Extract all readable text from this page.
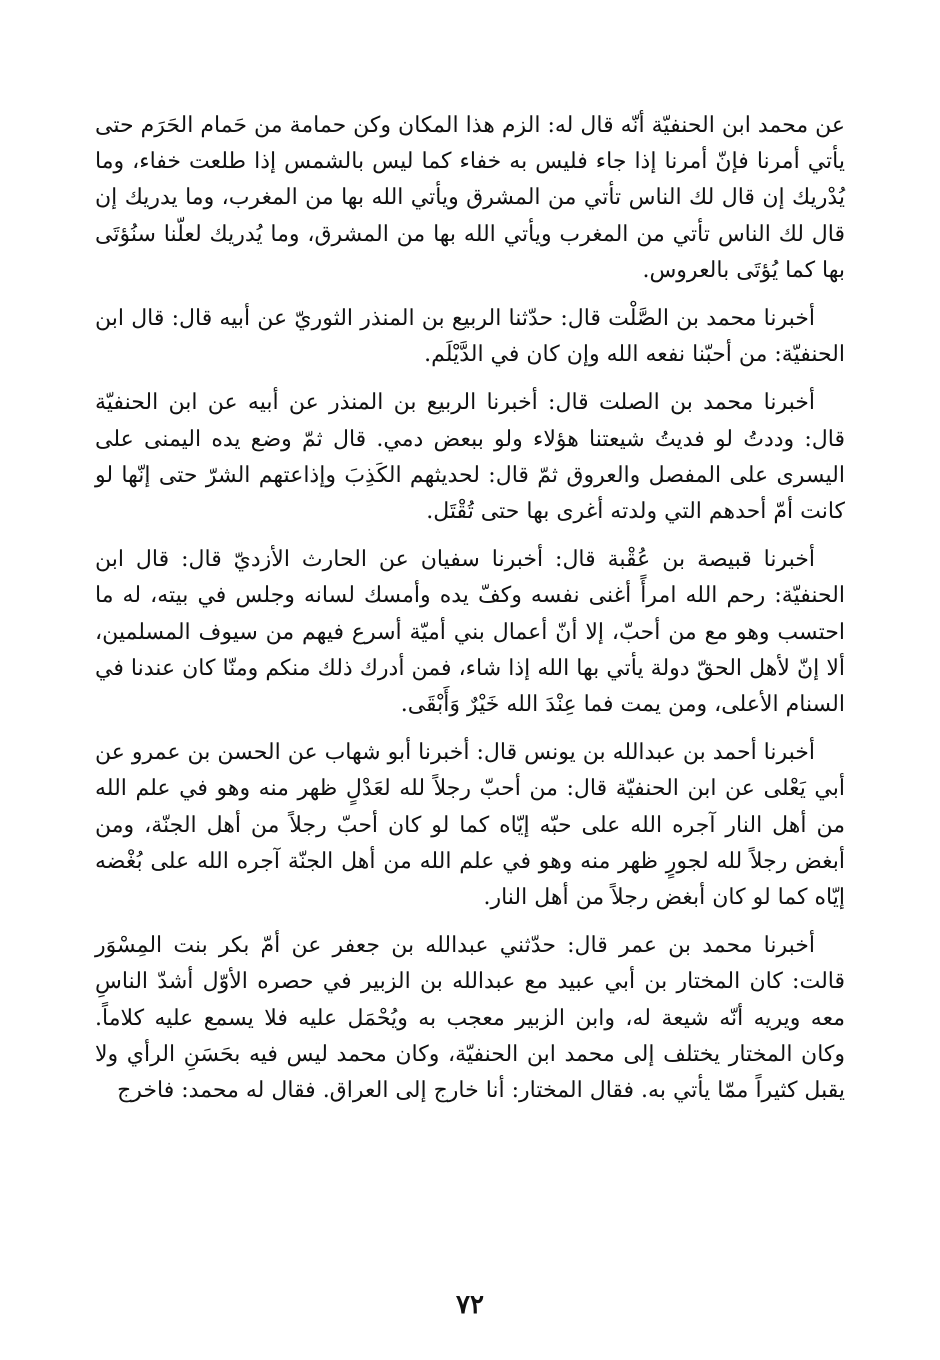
عن محمد ابن الحنفيّة أنّه قال له: الزم هذا المكان وكن حمامة من حَمام الحَرَم حتى يأتي أمرنا فإنّ أمرنا إذا جاء فليس به خفاء كما ليس بالشمس إذا طلعت خفاء، وما يُدْريك إن قال لك الناس تأتي من المشرق ويأتي الله بها من المغرب، وما يدريك إن قال لك الناس تأتي من المغرب ويأتي الله بها من المشرق، وما يُدريك لعلّنا سنُؤتَى بها كما يُؤتَى بالعروس.

أخبرنا محمد بن الصَّلْت قال: حدّثنا الربيع بن المنذر الثوريّ عن أبيه قال: قال ابن الحنفيّة: من أحبّنا نفعه الله وإن كان في الدَّيْلَم.

أخبرنا محمد بن الصلت قال: أخبرنا الربيع بن المنذر عن أبيه عن ابن الحنفيّة قال: وددتُ لو فديتُ شيعتنا هؤلاء ولو ببعض دمي. قال ثمّ وضع يده اليمنى على اليسرى على المفصل والعروق ثمّ قال: لحديثهم الكَذِبَ وإذاعتهم الشرّ حتى إنّها لو كانت أمّ أحدهم التي ولدته أغرى بها حتى تُقْتَل.

أخبرنا قبيصة بن عُقْبة قال: أخبرنا سفيان عن الحارث الأزديّ قال: قال ابن الحنفيّة: رحم الله امرأً أغنى نفسه وكفّ يده وأمسك لسانه وجلس في بيته، له ما احتسب وهو مع من أحبّ، إلا أنّ أعمال بني أميّة أسرع فيهم من سيوف المسلمين، ألا إنّ لأهل الحقّ دولة يأتي بها الله إذا شاء، فمن أدرك ذلك منكم ومنّا كان عندنا في السنام الأعلى، ومن يمت فما عِنْدَ الله خَيْرٌ وَأَبْقَى.

أخبرنا أحمد بن عبدالله بن يونس قال: أخبرنا أبو شهاب عن الحسن بن عمرو عن أبي يَعْلى عن ابن الحنفيّة قال: من أحبّ رجلاً لله لعَدْلٍ ظهر منه وهو في علم الله من أهل النار آجره الله على حبّه إيّاه كما لو كان أحبّ رجلاً من أهل الجنّة، ومن أبغض رجلاً لله لجورٍ ظهر منه وهو في علم الله من أهل الجنّة آجره الله على بُغْضه إيّاه كما لو كان أبغض رجلاً من أهل النار.

أخبرنا محمد بن عمر قال: حدّثني عبدالله بن جعفر عن أمّ بكر بنت المِسْوَر قالت: كان المختار بن أبي عبيد مع عبدالله بن الزبير في حصره الأوّل أشدّ الناسِ معه ويريه أنّه شيعة له، وابن الزبير معجب به ويُحْمَل عليه فلا يسمع عليه كلاماً. وكان المختار يختلف إلى محمد ابن الحنفيّة، وكان محمد ليس فيه بحَسَنِ الرأي ولا يقبل كثيراً ممّا يأتي به. فقال المختار: أنا خارج إلى العراق. فقال له محمد: فاخرج

٧٢
